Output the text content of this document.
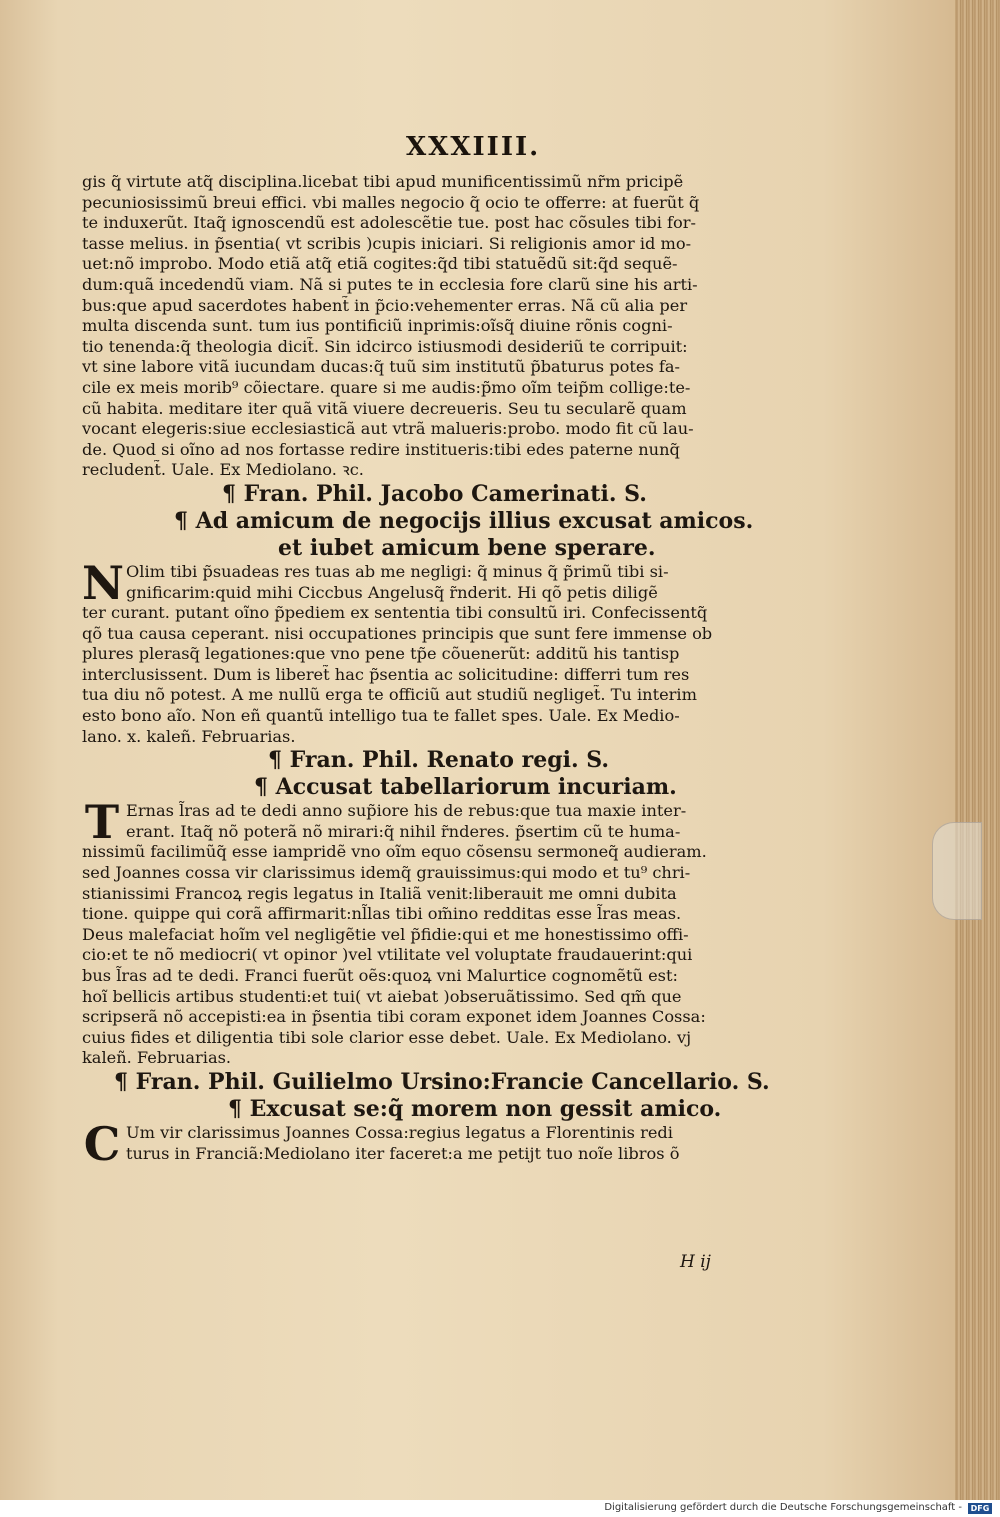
XXXIIII.
gis q̃ virtute atq̃ disciplina.licebat tibi apud munificentissimũ nr̃m pricipẽ
pecuniosissimũ breui effici. vbi malles negocio q̃ ocio te offerre: at fuerũt q̃
te induxerũt. Itaq̃ ignoscendũ est adolescẽtie tue. post hac cõsules tibi for-
tasse melius. in p̃sentia( vt scribis )cupis iniciari. Si religionis amor id mo-
uet:nõ improbo. Modo etiã atq̃ etiã cogites:q̃d tibi statuẽdũ sit:q̃d sequẽ-
dum:quã incedendũ viam. Nã si putes te in ecclesia fore clarũ sine his arti-
bus:que apud sacerdotes habent̃ in p̃cio:vehementer erras. Nã cũ alia per
multa discenda sunt. tum ius pontificiũ inprimis:oĩsq̃ diuine rõnis cogni-
tio tenenda:q̃ theologia dicit̃. Sin idcirco istiusmodi desideriũ te corripuit:
vt sine labore vitã iucundam ducas:q̃ tuũ sim institutũ p̃baturus potes fa-
cile ex meis morib⁹ cõiectare. quare si me audis:p̃mo oĩm teip̃m collige:te-
cũ habita. meditare iter quã vitã viuere decreueris. Seu tu secularẽ quam
vocant elegeris:siue ecclesiasticã aut vtrã malueris:probo. modo fit cũ lau-
de. Quod si oĩno ad nos fortasse redire institueris:tibi edes paterne nunq̃
recludent̃. Uale. Ex Mediolano. ꝛc.
¶ Fran. Phil. Jacobo Camerinati. S.
¶ Ad amicum de negocijs illius excusat amicos.
et iubet amicum bene sperare.
N Olim tibi p̃suadeas res tuas ab me negligi: q̃ minus q̃ p̃rimũ tibi si-
gnificarim:quid mihi Ciccbus Angelusq̃ r̃nderit. Hi qõ petis diligẽ
ter curant. putant oĩno p̃pediem ex sententia tibi consultũ iri. Confecissentq̃
qõ tua causa ceperant. nisi occupationes principis que sunt fere immense ob
plures plerasq̃ legationes:que vno pene tp̃e cõuenerũt: additũ his tantisp
interclusissent. Dum is liberet̃ hac p̃sentia ac solicitudine: differri tum res
tua diu nõ potest. A me nullũ erga te officiũ aut studiũ negliget̃. Tu interim
esto bono aĩo. Non eñ quantũ intelligo tua te fallet spes. Uale. Ex Medio-
lano. x. kaleñ. Februarias.
¶ Fran. Phil. Renato regi. S.
¶ Accusat tabellariorum incuriam.
T Ernas l̃ras ad te dedi anno sup̃iore his de rebus:que tua maxie inter-
erant. Itaq̃ nõ poterã nõ mirari:q̃ nihil r̃nderes. p̃sertim cũ te huma-
nissimũ facilimũq̃ esse iampridẽ vno oĩm equo cõsensu sermoneq̃ audieram.
sed Joannes cossa vir clarissimus idemq̃ grauissimus:qui modo et tu⁹ chri-
stianissimi Francoꝝ regis legatus in Italiã venit:liberauit me omni dubita
tione. quippe qui corã affirmarit:nl̃las tibi om̃ino redditas esse l̃ras meas.
Deus malefaciat hoĩm vel negligẽtie vel p̃fidie:qui et me honestissimo offi-
cio:et te nõ mediocri( vt opinor )vel vtilitate vel voluptate fraudauerint:qui
bus l̃ras ad te dedi. Franci fuerũt oẽs:quoꝝ vni Malurtice cognomẽtũ est:
hoĩ bellicis artibus studenti:et tui( vt aiebat )obseruãtissimo. Sed qm̃ que
scripserã nõ accepisti:ea in p̃sentia tibi coram exponet idem Joannes Cossa:
cuius fides et diligentia tibi sole clarior esse debet. Uale. Ex Mediolano. vj
kaleñ. Februarias.
¶ Fran. Phil. Guilielmo Ursino:Francie Cancellario. S.
¶ Excusat se:q̃ morem non gessit amico.
C Um vir clarissimus Joannes Cossa:regius legatus a Florentinis redi
turus in Franciã:Mediolano iter faceret:a me petijt tuo noĩe libros õ
H ij
Digitalisierung gefördert durch die Deutsche Forschungsgemeinschaft -	DFG
